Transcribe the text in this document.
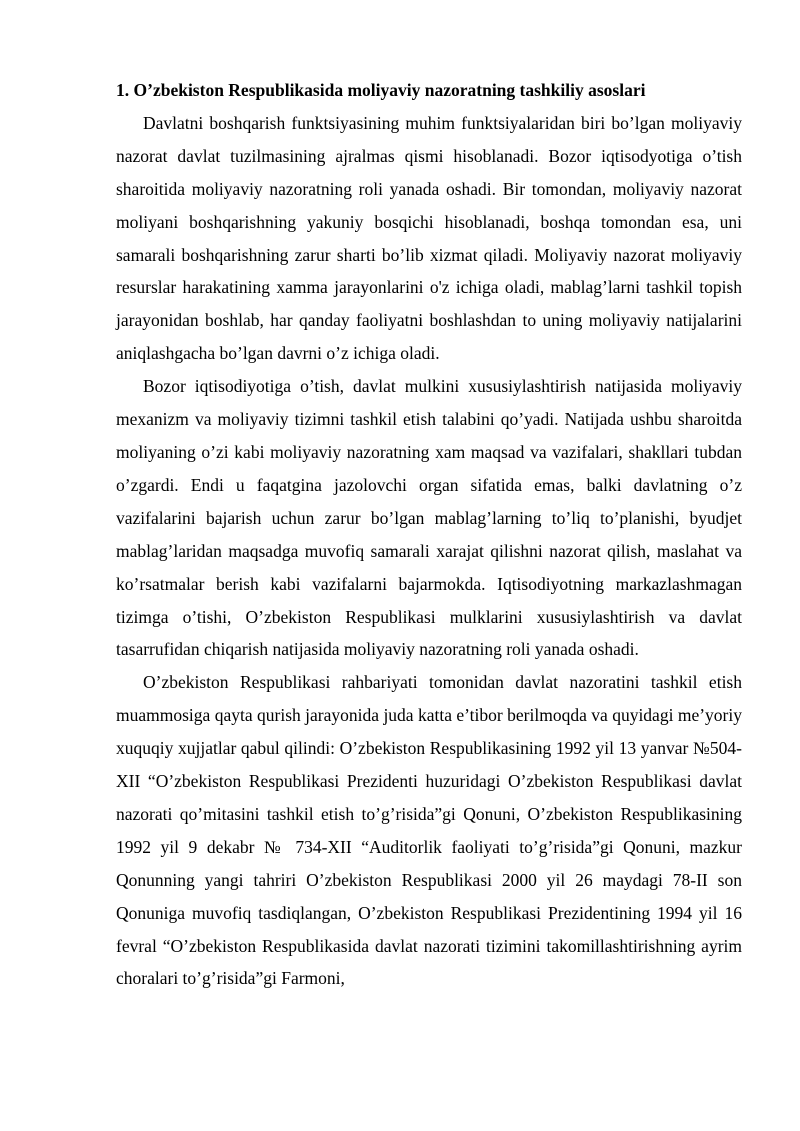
1. O’zbekiston Respublikasida moliyaviy nazoratning tashkiliy asoslari

Davlatni boshqarish funktsiyasining muhim funktsiyalaridan biri bo’lgan moliyaviy nazorat davlat tuzilmasining ajralmas qismi hisoblanadi. Bozor iqtisodyotiga o’tish sharoitida moliyaviy nazoratning roli yanada oshadi. Bir tomondan, moliyaviy nazorat moliyani boshqarishning yakuniy bosqichi hisoblanadi, boshqa tomondan esa, uni samarali boshqarishning zarur sharti bo’lib xizmat qiladi. Moliyaviy nazorat moliyaviy resurslar harakatining xamma jarayonlarini o'z ichiga oladi, mablag’larni tashkil topish jarayonidan boshlab, har qanday faoliyatni boshlashdan to uning moliyaviy natijalarini aniqlashgacha bo’lgan davrni o’z ichiga oladi.

Bozor iqtisodiyotiga o’tish, davlat mulkini xususiylashtirish natijasida moliyaviy mexanizm va moliyaviy tizimni tashkil etish talabini qo’yadi. Natijada ushbu sharoitda moliyaning o’zi kabi moliyaviy nazoratning xam maqsad va vazifalari, shakllari tubdan o’zgardi. Endi u faqatgina jazolovchi organ sifatida emas, balki davlatning o’z vazifalarini bajarish uchun zarur bo’lgan mablag’larning to’liq to’planishi, byudjet mablag’laridan maqsadga muvofiq samarali xarajat qilishni nazorat qilish, maslahat va ko’rsatmalar berish kabi vazifalarni bajarmokda. Iqtisodiyotning markazlashmagan tizimga o’tishi, O’zbekiston Respublikasi mulklarini xususiylashtirish va davlat tasarrufidan chiqarish natijasida moliyaviy nazoratning roli yanada oshadi.

O’zbekiston Respublikasi rahbariyati tomonidan davlat nazoratini tashkil etish muammosiga qayta qurish jarayonida juda katta e’tibor berilmoqda va quyidagi me’yoriy xuquqiy xujjatlar qabul qilindi: O’zbekiston Respublikasining 1992 yil 13 yanvar №504-XII “O’zbekiston Respublikasi Prezidenti huzuridagi O’zbekiston Respublikasi davlat nazorati qo’mitasini tashkil etish to’g’risida”gi Qonuni, O’zbekiston Respublikasining 1992 yil 9 dekabr № 734-XII “Auditorlik faoliyati to’g’risida”gi Qonuni, mazkur Qonunning yangi tahriri O’zbekiston Respublikasi 2000 yil 26 maydagi 78-II son Qonuniga muvofiq tasdiqlangan, O’zbekiston Respublikasi Prezidentining 1994 yil 16 fevral “O’zbekiston Respublikasida davlat nazorati tizimini takomillashtirishning ayrim choralari to’g’risida”gi Farmoni,
